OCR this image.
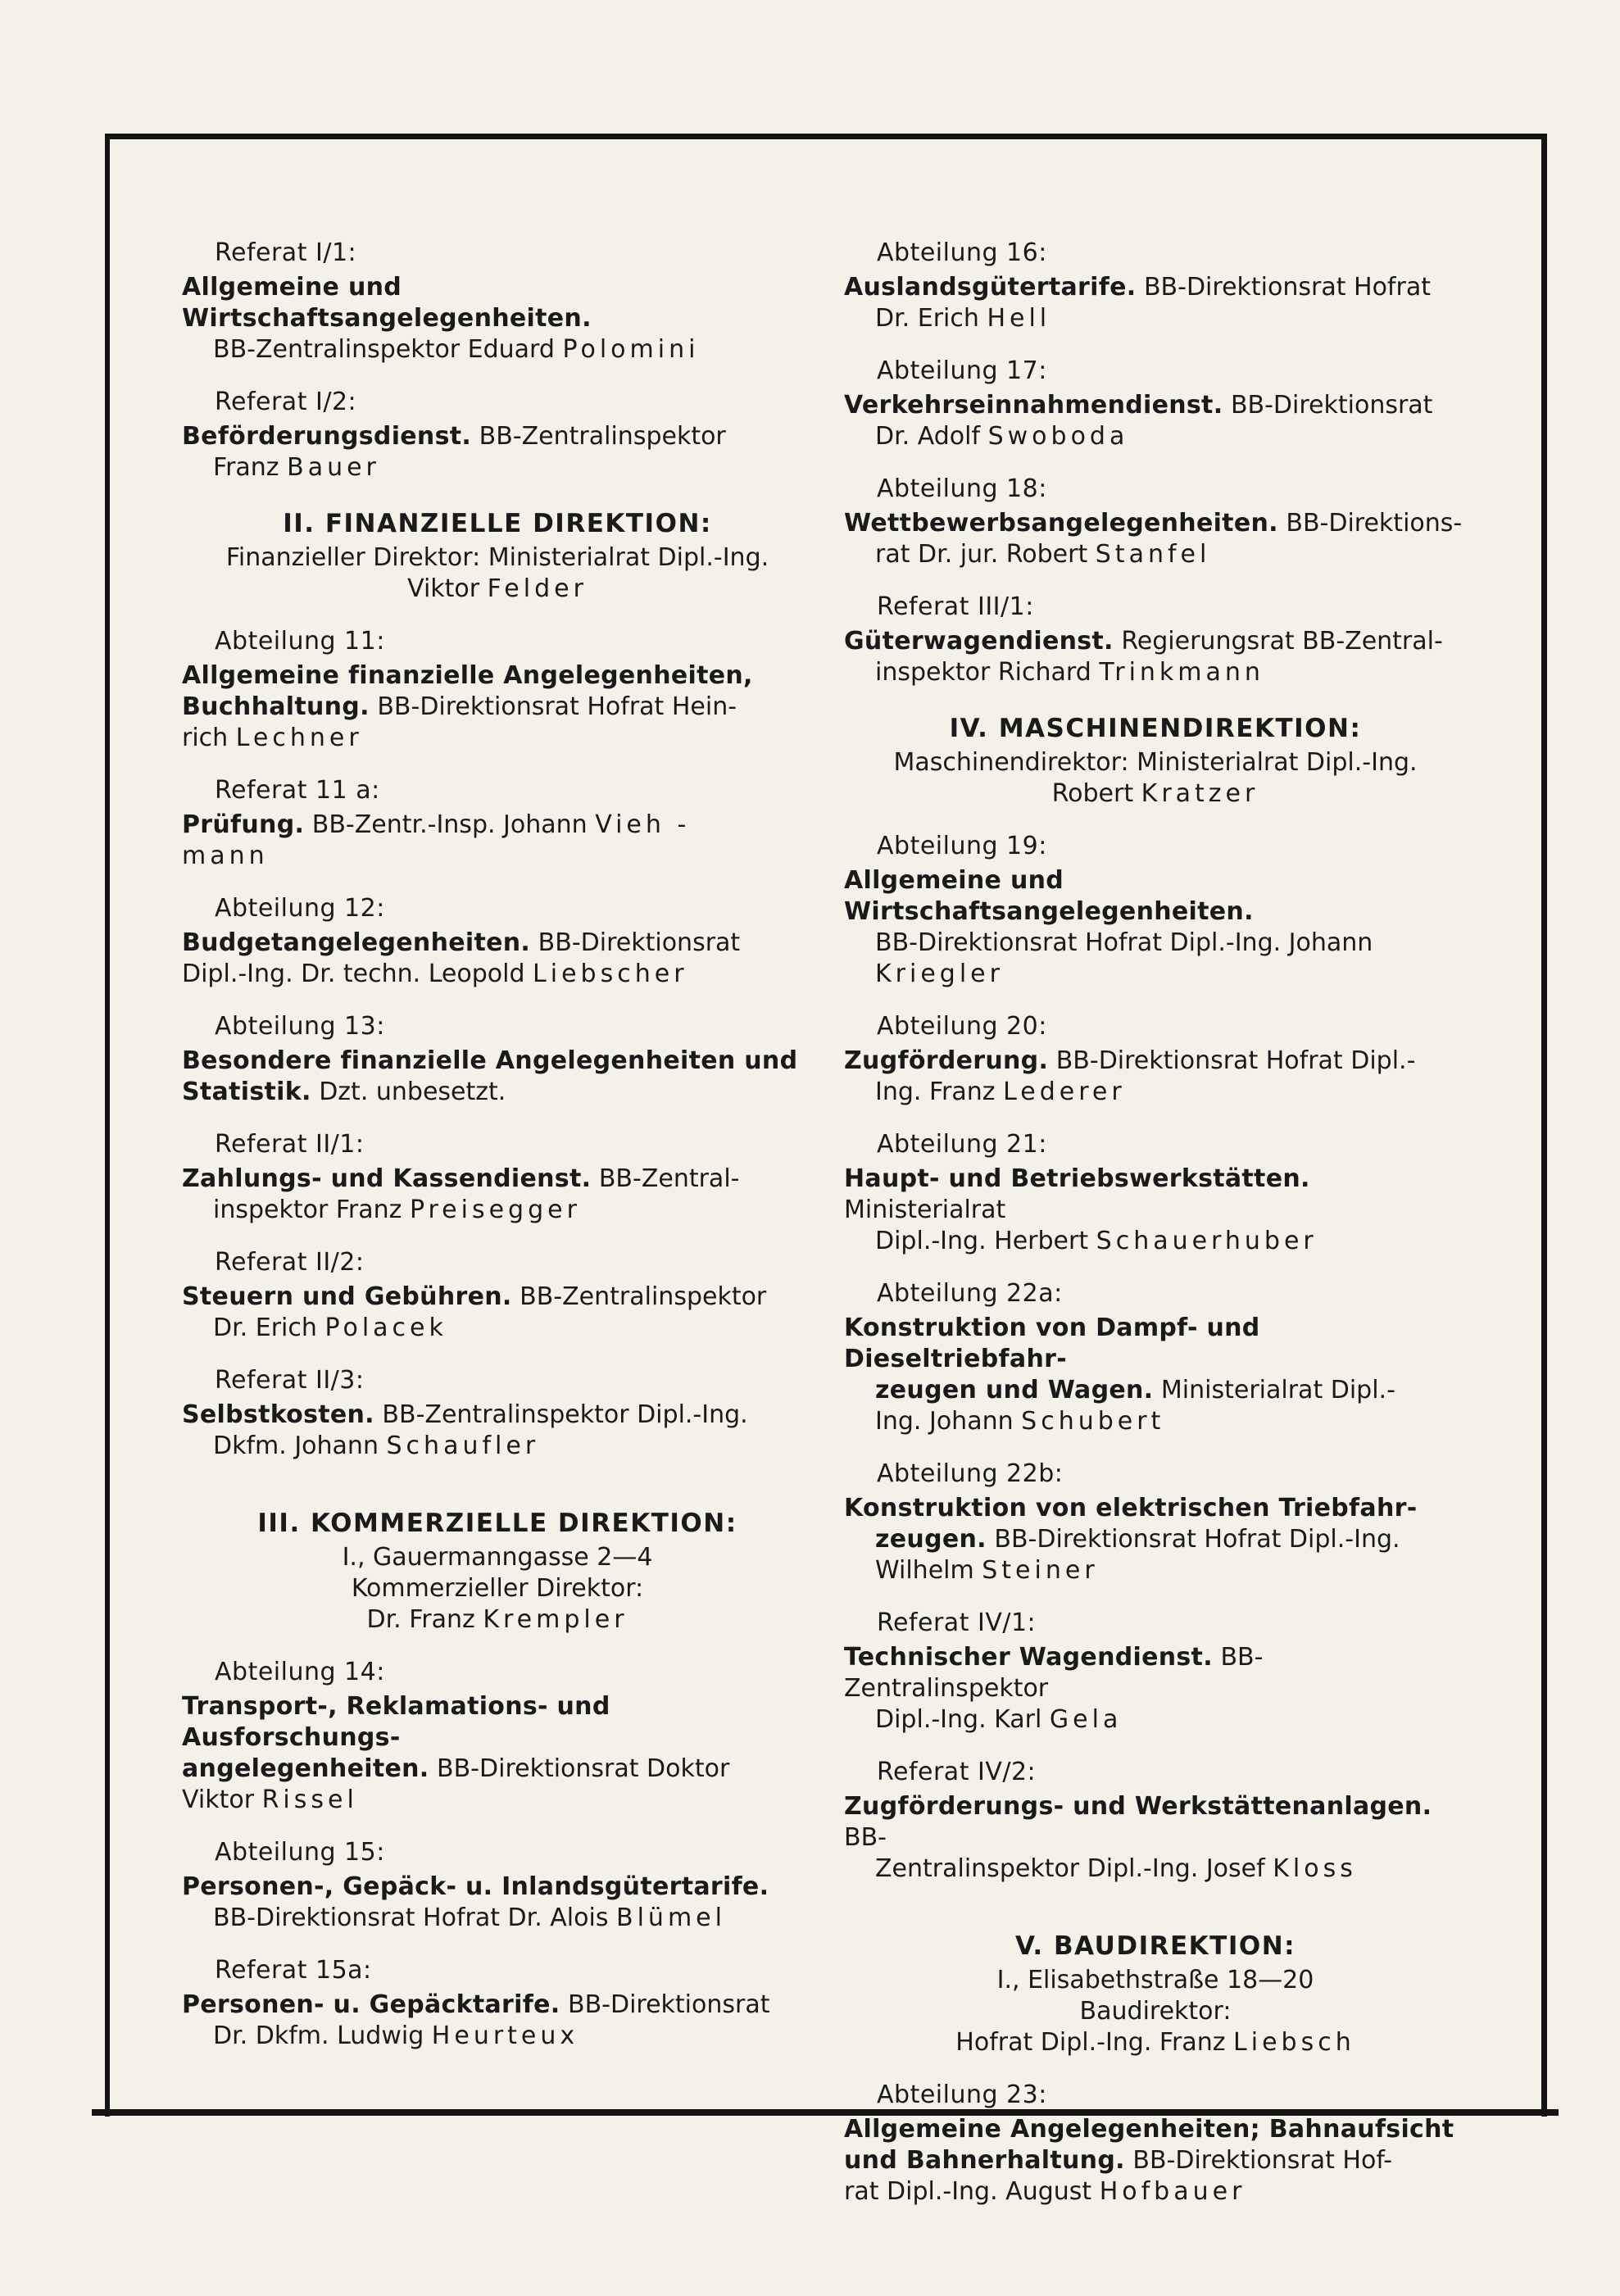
Referat I/1:
Allgemeine und Wirtschaftsangelegenheiten.
BB-Zentralinspektor Eduard Polomini
Referat I/2:
Beförderungsdienst. BB-Zentralinspektor
Franz Bauer
II. FINANZIELLE DIREKTION:
Finanzieller Direktor: Ministerialrat Dipl.-Ing.
Viktor Felder
Abteilung 11:
Allgemeine finanzielle Angelegenheiten,
Buchhaltung. BB-Direktionsrat Hofrat Hein-
rich Lechner
Referat 11 a:
Prüfung. BB-Zentr.-Insp. Johann Vieh -
mann
Abteilung 12:
Budgetangelegenheiten. BB-Direktionsrat
Dipl.-Ing. Dr. techn. Leopold Liebscher
Abteilung 13:
Besondere finanzielle Angelegenheiten und
Statistik. Dzt. unbesetzt.
Referat II/1:
Zahlungs- und Kassendienst. BB-Zentral-
inspektor Franz Preisegger
Referat II/2:
Steuern und Gebühren. BB-Zentralinspektor
Dr. Erich Polacek
Referat II/3:
Selbstkosten. BB-Zentralinspektor Dipl.-Ing.
Dkfm. Johann Schaufler
III. KOMMERZIELLE DIREKTION:
I., Gauermanngasse 2—4
Kommerzieller Direktor:
Dr. Franz Krempler
Abteilung 14:
Transport-, Reklamations- und Ausforschungs-
angelegenheiten. BB-Direktionsrat Doktor
Viktor Rissel
Abteilung 15:
Personen-, Gepäck- u. Inlandsgütertarife.
BB-Direktionsrat Hofrat Dr. Alois Blümel
Referat 15a:
Personen- u. Gepäcktarife. BB-Direktionsrat
Dr. Dkfm. Ludwig Heurteux
Abteilung 16:
Auslandsgütertarife. BB-Direktionsrat Hofrat
Dr. Erich Hell
Abteilung 17:
Verkehrseinnahmendienst. BB-Direktionsrat
Dr. Adolf Swoboda
Abteilung 18:
Wettbewerbsangelegenheiten. BB-Direktions-
rat Dr. jur. Robert Stanfel
Referat III/1:
Güterwagendienst. Regierungsrat BB-Zentral-
inspektor Richard Trinkmann
IV. MASCHINENDIREKTION:
Maschinendirektor: Ministerialrat Dipl.-Ing.
Robert Kratzer
Abteilung 19:
Allgemeine und Wirtschaftsangelegenheiten.
BB-Direktionsrat Hofrat Dipl.-Ing. Johann
Kriegler
Abteilung 20:
Zugförderung. BB-Direktionsrat Hofrat Dipl.-
Ing. Franz Lederer
Abteilung 21:
Haupt- und Betriebswerkstätten. Ministerialrat
Dipl.-Ing. Herbert Schauerhuber
Abteilung 22a:
Konstruktion von Dampf- und Dieseltriebfahr-
zeugen und Wagen. Ministerialrat Dipl.-
Ing. Johann Schubert
Abteilung 22b:
Konstruktion von elektrischen Triebfahr-
zeugen. BB-Direktionsrat Hofrat Dipl.-Ing.
Wilhelm Steiner
Referat IV/1:
Technischer Wagendienst. BB-Zentralinspektor
Dipl.-Ing. Karl Gela
Referat IV/2:
Zugförderungs- und Werkstättenanlagen. BB-
Zentralinspektor Dipl.-Ing. Josef Kloss
V. BAUDIREKTION:
I., Elisabethstraße 18—20
Baudirektor:
Hofrat Dipl.-Ing. Franz Liebsch
Abteilung 23:
Allgemeine Angelegenheiten; Bahnaufsicht
und Bahnerhaltung. BB-Direktionsrat Hof-
rat Dipl.-Ing. August Hofbauer
